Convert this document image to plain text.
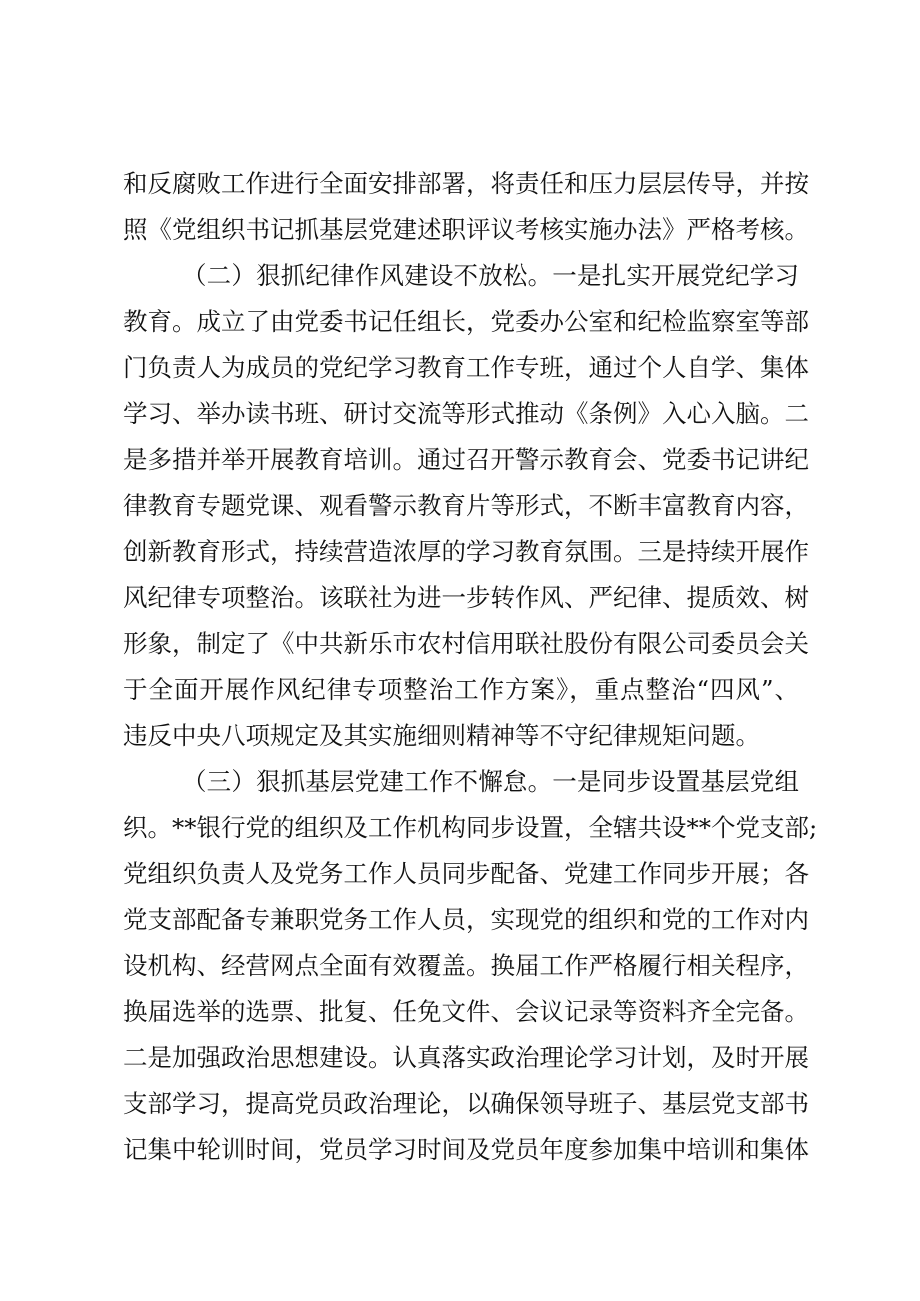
和反腐败工作进行全面安排部署，将责任和压力层层传导，并按
照《党组织书记抓基层党建述职评议考核实施办法》严格考核。
（二）狠抓纪律作风建设不放松。一是扎实开展党纪学习
教育。成立了由党委书记任组长，党委办公室和纪检监察室等部
门负责人为成员的党纪学习教育工作专班，通过个人自学、集体
学习、举办读书班、研讨交流等形式推动《条例》入心入脑。二
是多措并举开展教育培训。通过召开警示教育会、党委书记讲纪
律教育专题党课、观看警示教育片等形式，不断丰富教育内容，
创新教育形式，持续营造浓厚的学习教育氛围。三是持续开展作
风纪律专项整治。该联社为进一步转作风、严纪律、提质效、树
形象，制定了《中共新乐市农村信用联社股份有限公司委员会关
于全面开展作风纪律专项整治工作方案》，重点整治“四风”、
违反中央八项规定及其实施细则精神等不守纪律规矩问题。
（三）狠抓基层党建工作不懈怠。一是同步设置基层党组
织。**银行党的组织及工作机构同步设置，全辖共设**个党支部;
党组织负责人及党务工作人员同步配备、党建工作同步开展；各
党支部配备专兼职党务工作人员，实现党的组织和党的工作对内
设机构、经营网点全面有效覆盖。换届工作严格履行相关程序，
换届选举的选票、批复、任免文件、会议记录等资料齐全完备。
二是加强政治思想建设。认真落实政治理论学习计划，及时开展
支部学习，提高党员政治理论，以确保领导班子、基层党支部书
记集中轮训时间，党员学习时间及党员年度参加集中培训和集体
